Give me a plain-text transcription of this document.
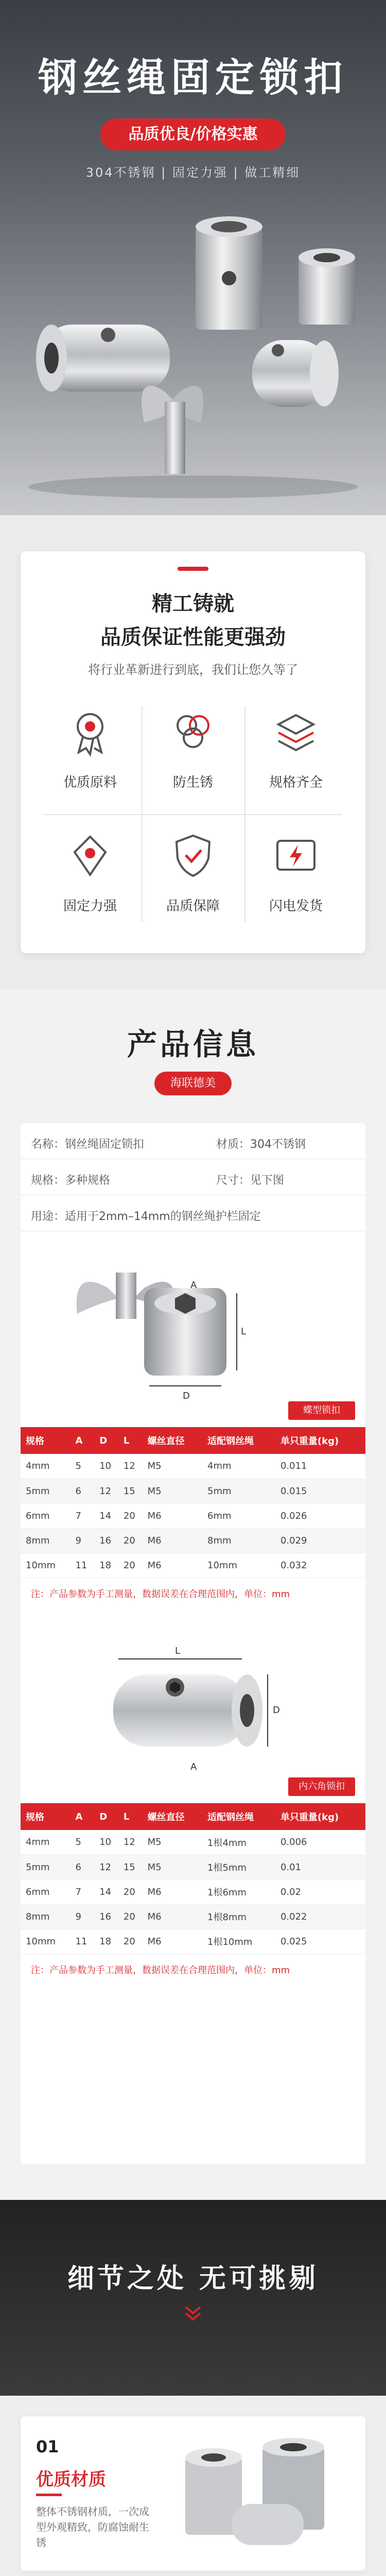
钢丝绳固定锁扣
品质优良/价格实惠
304不锈钢 | 固定力强 | 做工精细
精工铸就
品质保证性能更强劲
将行业革新进行到底，我们让您久等了
优质原料	防生锈	规格齐全
固定力强	品质保障	闪电发货
产品信息
海联德美
名称：钢丝绳固定锁扣	材质：304不锈钢
规格：多种规格	尺寸：见下图
用途：适用于2mm–14mm的钢丝绳护栏固定
L
D
A
蝶型锁扣
规格	A	D	L	螺丝直径	适配钢丝绳	单只重量(kg)
4mm	5	10	12	M5	4mm	0.011
5mm	6	12	15	M5	5mm	0.015
6mm	7	14	20	M6	6mm	0.026
8mm	9	16	20	M6	8mm	0.029
10mm	11	18	20	M6	10mm	0.032
注：产品参数为手工测量，数据误差在合理范围内，单位：mm
L
D
A
内六角锁扣
规格	A	D	L	螺丝直径	适配钢丝绳	单只重量(kg)
4mm	5	10	12	M5	1根4mm	0.006
5mm	6	12	15	M5	1根5mm	0.01
6mm	7	14	20	M6	1根6mm	0.02
8mm	9	16	20	M6	1根8mm	0.022
10mm	11	18	20	M6	1根10mm	0.025
注：产品参数为手工测量，数据误差在合理范围内，单位：mm
细节之处 无可挑剔
01
优质材质
整体不锈钢材质，一次成型外观精致，防腐蚀耐生锈
